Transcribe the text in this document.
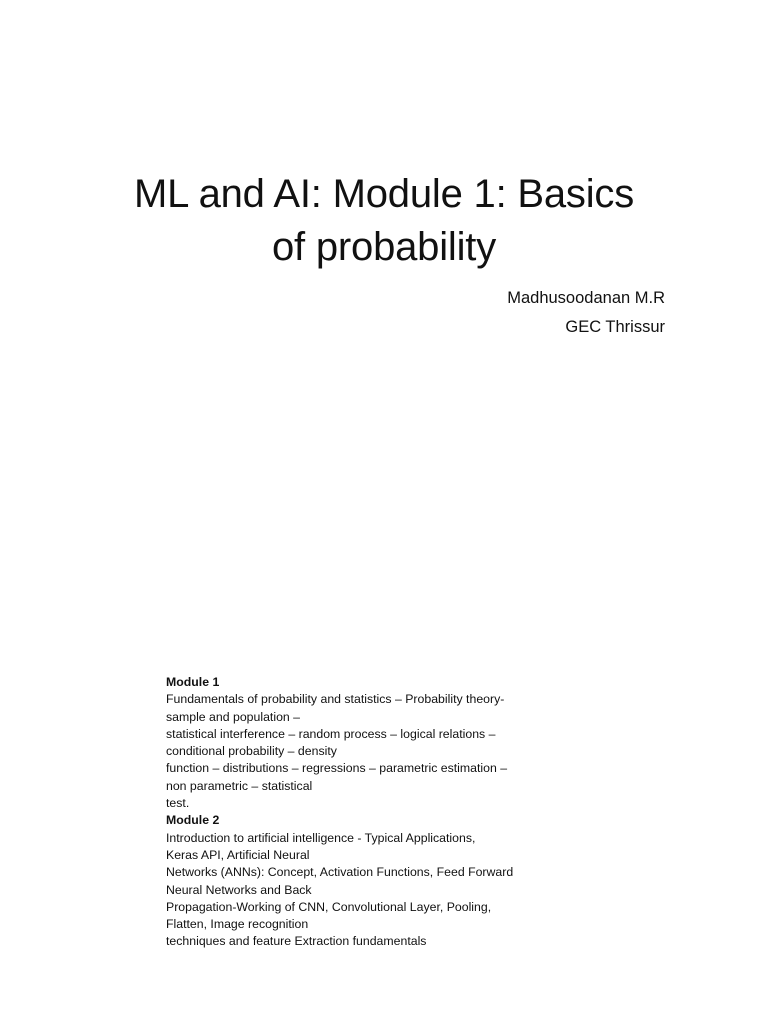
ML and AI: Module 1: Basics
of probability
Madhusoodanan M.R
GEC Thrissur
Module 1
Fundamentals of probability and statistics – Probability theory-
sample and population –
statistical interference – random process – logical relations –
conditional probability – density
function – distributions – regressions – parametric estimation –
non parametric – statistical
test.
Module 2
Introduction to artificial intelligence - Typical Applications,
Keras API, Artificial Neural
Networks (ANNs): Concept, Activation Functions, Feed Forward
Neural Networks and Back
Propagation-Working of CNN, Convolutional Layer, Pooling,
Flatten, Image recognition
techniques and feature Extraction fundamentals
